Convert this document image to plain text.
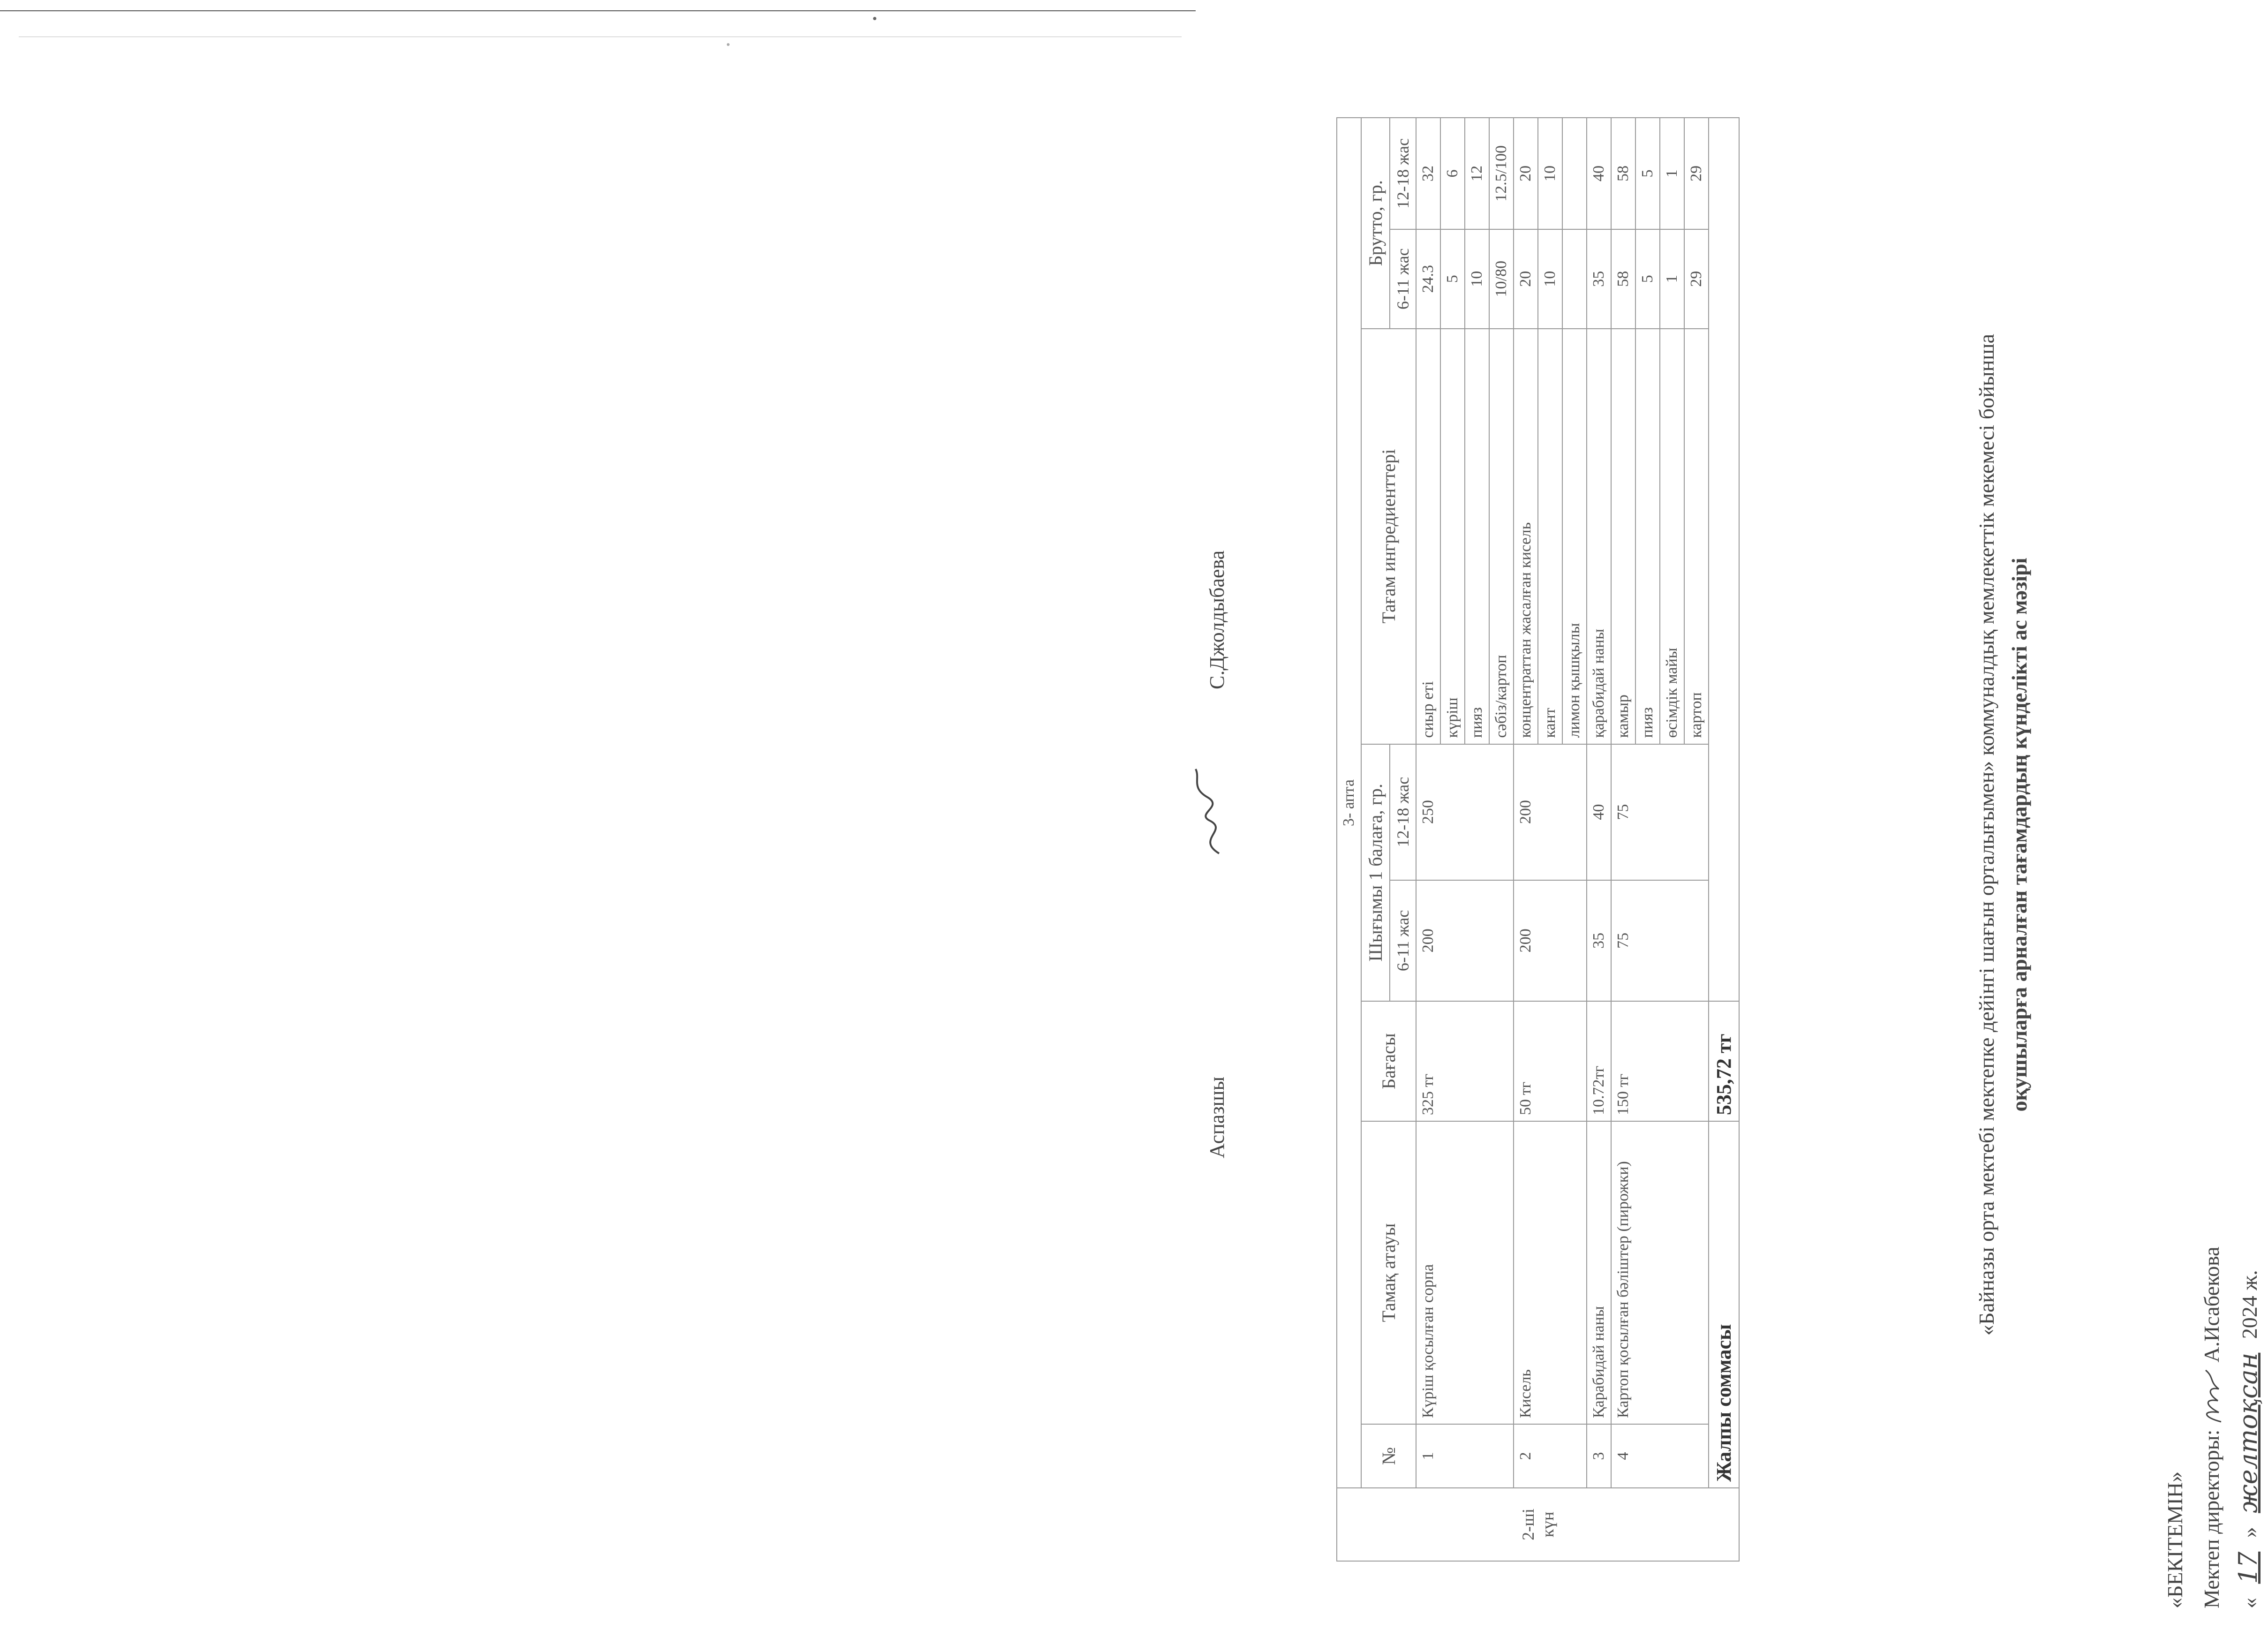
«БЕКІТЕМІН» Мектеп директоры:  А.Исабекова
« 17 » желтоқсан 2024 ж.
«Байназы орта мектебі мектепке дейінгі шағын орталығымен» коммуналдық мемлекеттік мекемесі бойынша оқушыларға арналған тағамдардың күнделікті ас мәзірі
2-ші күн	3- апта							
	№	Тамақ атауы	Бағасы	Шығымы 1 балаға, гр.		Тағам ингредиенттері	Брутто, гр.	
				6-11 жас	12-18 жас		6-11 жас	12-18 жас
	1	Күріш қосылған сорпа	325 тг	200	250	сиыр еті	24.3	32
						күріш	5	6
						пияз	10	12
						сәбіз/картоп	10/80	12.5/100
	2	Кисель	50 тг	200	200	концентраттан жасалған кисель	20	20
						кант	10	10
						лимон қышқылы		
	3	Қарабидай наны	10.72тг	35	40	қарабидай наны	35	40
	4	Картоп қосылған бәліштер (пирожки)	150 тг	75	75	камыр	58	58
						пияз	5	5
						өсімдік майы	1	1
						картоп	29	29
	Жалпы соммасы		535,72 тг					
Аспазшы
С.Джолдыбаева
